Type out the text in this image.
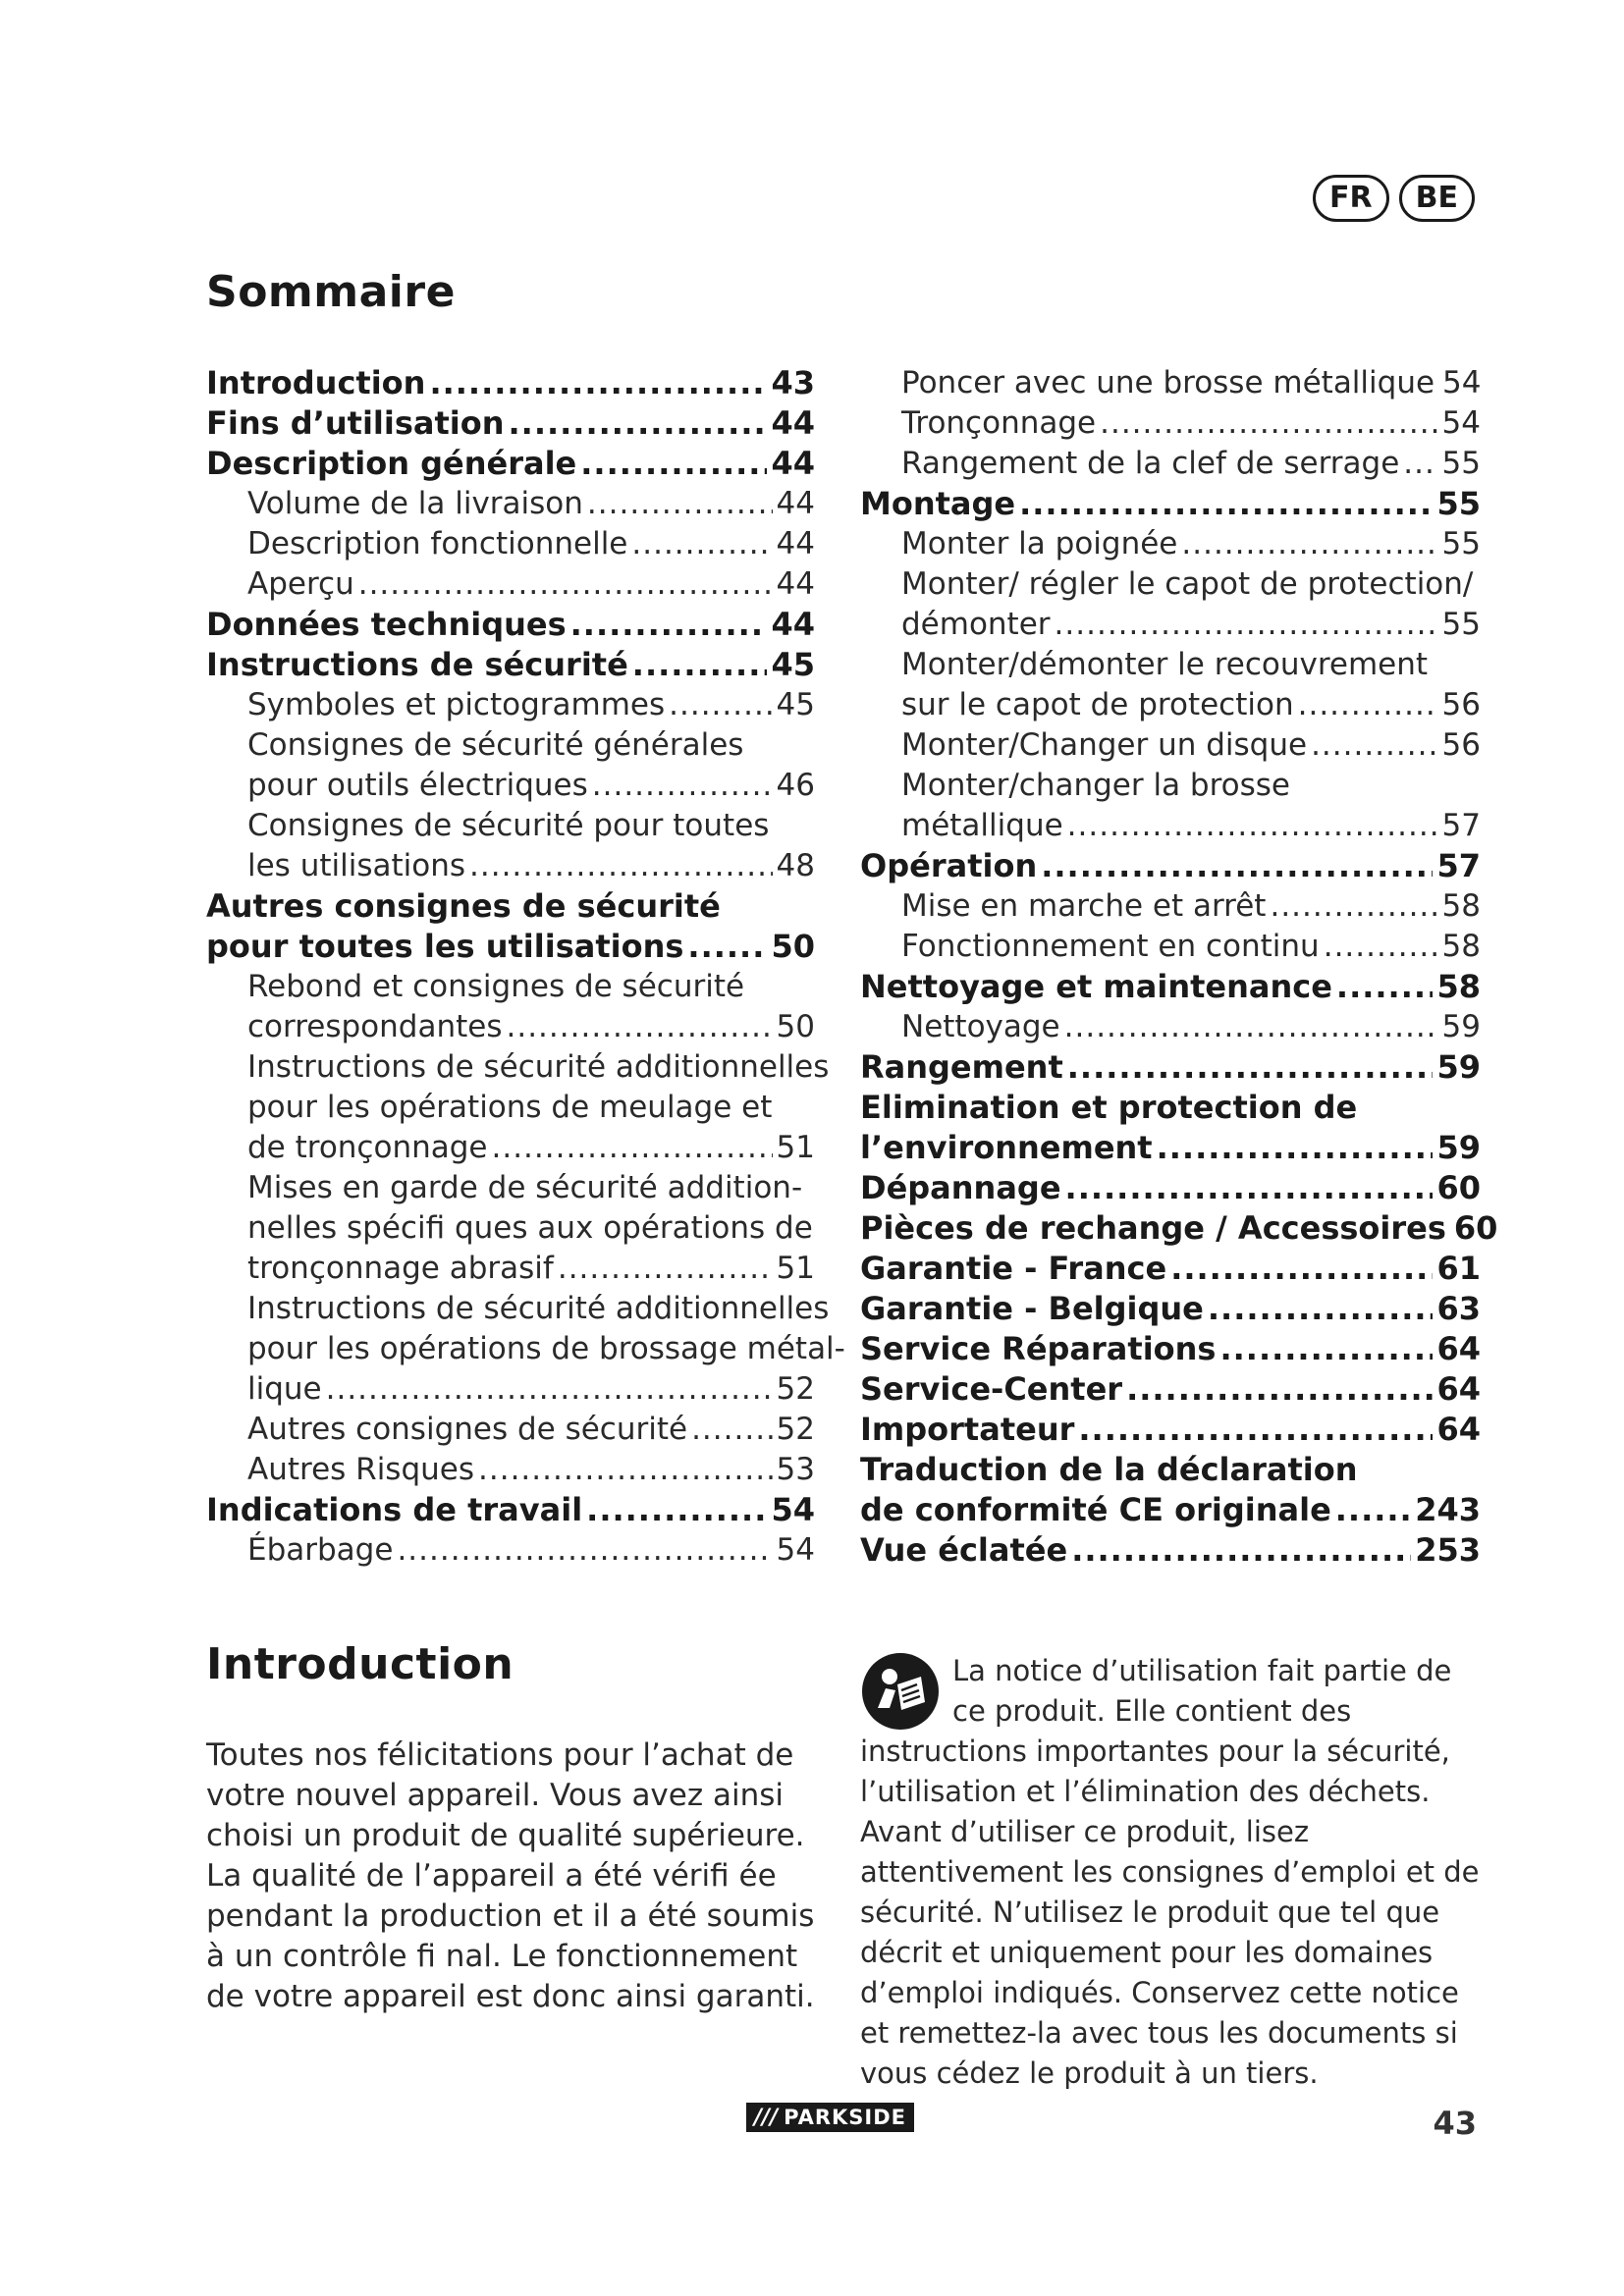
FR	BE
Sommaire
Introduction .....	43
Fins d’utilisation .....	44
Description générale .....	44
Volume de la livraison .....	44
Description fonctionnelle .....	44
Aperçu .....	44
Données techniques .....	44
Instructions de sécurité .....	45
Symboles et pictogrammes .....	45
Consignes de sécurité générales
pour outils électriques .....	46
Consignes de sécurité pour toutes
les utilisations .....	48
Autres consignes de sécurité
pour toutes les utilisations .....	50
Rebond et consignes de sécurité
correspondantes .....	50
Instructions de sécurité additionnelles
pour les opérations de meulage et
de tronçonnage .....	51
Mises en garde de sécurité addition-
nelles spécifi ques aux opérations de
tronçonnage abrasif .....	51
Instructions de sécurité additionnelles
pour les opérations de brossage métal-
lique .....	52
Autres consignes de sécurité .....	52
Autres Risques .....	53
Indications de travail .....	54
Ébarbage .....	54
Poncer avec une brosse métallique 54
Tronçonnage .....	54
Rangement de la clef de serrage ..... 55
Montage .....	55
Monter la poignée .....	55
Monter/ régler le capot de protection/
démonter .....	55
Monter/démonter le recouvrement
sur le capot de protection .....	56
Monter/Changer un disque .....	56
Monter/changer la brosse
métallique .....	57
Opération .....	57
Mise en marche et arrêt .....	58
Fonctionnement en continu .....	58
Nettoyage et maintenance .....	58
Nettoyage .....	59
Rangement .....	59
Elimination et protection de
l’environnement .....	59
Dépannage .....	60
Pièces de rechange / Accessoires 60
Garantie - France .....	61
Garantie - Belgique .....	63
Service Réparations .....	64
Service-Center .....	64
Importateur .....	64
Traduction de la déclaration
de conformité CE originale .....	243
Vue éclatée .....	253
Introduction

Toutes nos félicitations pour l’achat de votre nouvel appareil. Vous avez ainsi choisi un produit de qualité supérieure.

La qualité de l’appareil a été vérifi ée pendant la production et il a été soumis à un contrôle fi nal. Le fonctionnement de votre appareil est donc ainsi garanti.

La notice d’utilisation fait partie de ce produit. Elle contient des instructions importantes pour la sécurité, l’utilisation et l’élimination des déchets. Avant d’utiliser ce produit, lisez attentivement les consignes d’emploi et de sécurité. N’utilisez le produit que tel que décrit et uniquement pour les domaines d’emploi indiqués. Conservez cette notice et remettez-la avec tous les documents si vous cédez le produit à un tiers.

/// PARKSIDE	43
